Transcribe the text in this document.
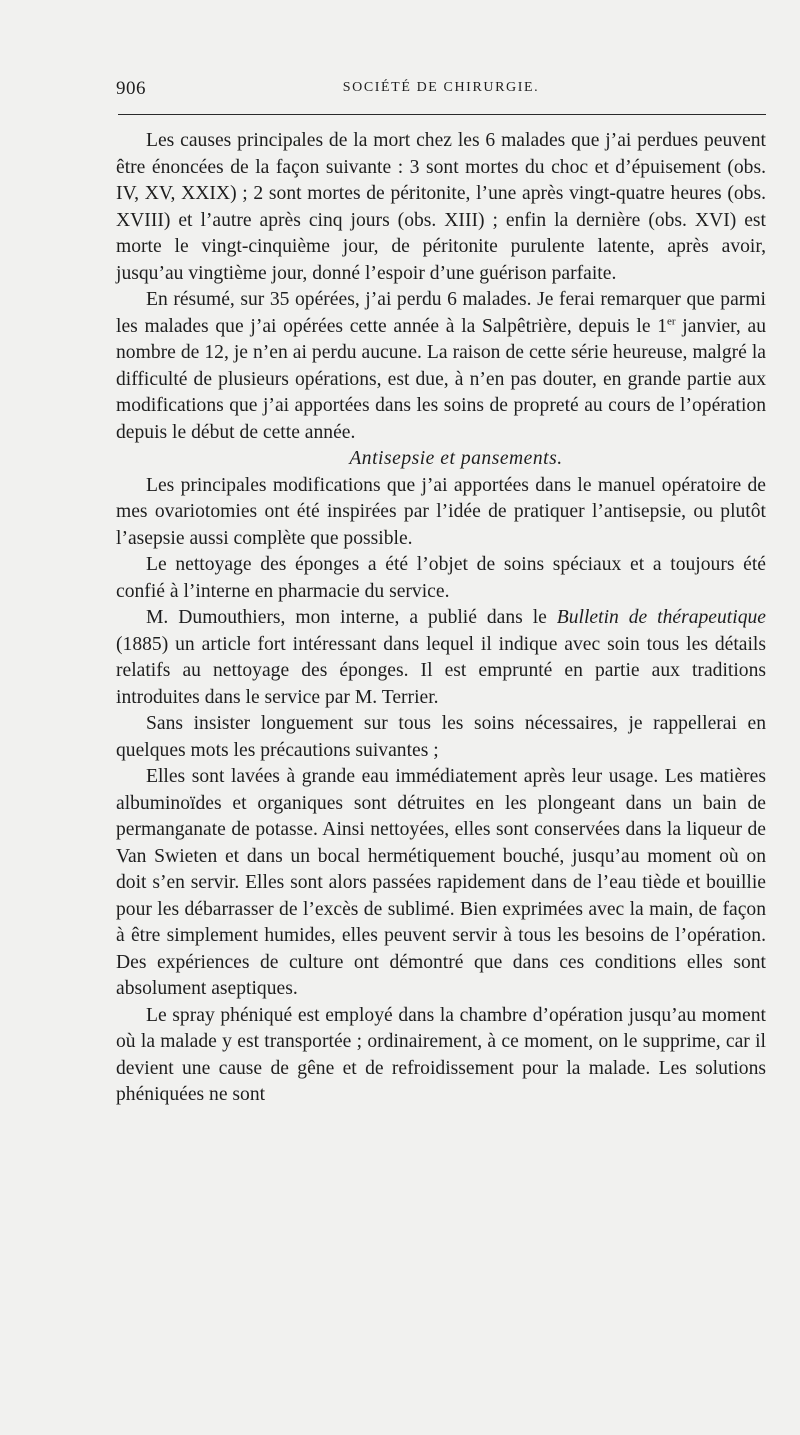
906	SOCIÉTÉ DE CHIRURGIE.

Les causes principales de la mort chez les 6 malades que j’ai perdues peuvent être énoncées de la façon suivante : 3 sont mortes du choc et d’épuisement (obs. IV, XV, XXIX) ; 2 sont mortes de péritonite, l’une après vingt-quatre heures (obs. XVIII) et l’autre après cinq jours (obs. XIII) ; enfin la dernière (obs. XVI) est morte le vingt-cinquième jour, de péritonite purulente latente, après avoir, jusqu’au vingtième jour, donné l’espoir d’une guérison parfaite.

En résumé, sur 35 opérées, j’ai perdu 6 malades. Je ferai remarquer que parmi les malades que j’ai opérées cette année à la Salpêtrière, depuis le 1er janvier, au nombre de 12, je n’en ai perdu aucune. La raison de cette série heureuse, malgré la difficulté de plusieurs opérations, est due, à n’en pas douter, en grande partie aux modifications que j’ai apportées dans les soins de propreté au cours de l’opération depuis le début de cette année.

Antisepsie et pansements.

Les principales modifications que j’ai apportées dans le manuel opératoire de mes ovariotomies ont été inspirées par l’idée de pratiquer l’antisepsie, ou plutôt l’asepsie aussi complète que possible.

Le nettoyage des éponges a été l’objet de soins spéciaux et a toujours été confié à l’interne en pharmacie du service.

M. Dumouthiers, mon interne, a publié dans le Bulletin de thérapeutique (1885) un article fort intéressant dans lequel il indique avec soin tous les détails relatifs au nettoyage des éponges. Il est emprunté en partie aux traditions introduites dans le service par M. Terrier.

Sans insister longuement sur tous les soins nécessaires, je rappellerai en quelques mots les précautions suivantes ;

Elles sont lavées à grande eau immédiatement après leur usage. Les matières albuminoïdes et organiques sont détruites en les plongeant dans un bain de permanganate de potasse. Ainsi nettoyées, elles sont conservées dans la liqueur de Van Swieten et dans un bocal hermétiquement bouché, jusqu’au moment où on doit s’en servir. Elles sont alors passées rapidement dans de l’eau tiède et bouillie pour les débarrasser de l’excès de sublimé. Bien exprimées avec la main, de façon à être simplement humides, elles peuvent servir à tous les besoins de l’opération. Des expériences de culture ont démontré que dans ces conditions elles sont absolument aseptiques.

Le spray phéniqué est employé dans la chambre d’opération jusqu’au moment où la malade y est transportée ; ordinairement, à ce moment, on le supprime, car il devient une cause de gêne et de refroidissement pour la malade. Les solutions phéniquées ne sont
